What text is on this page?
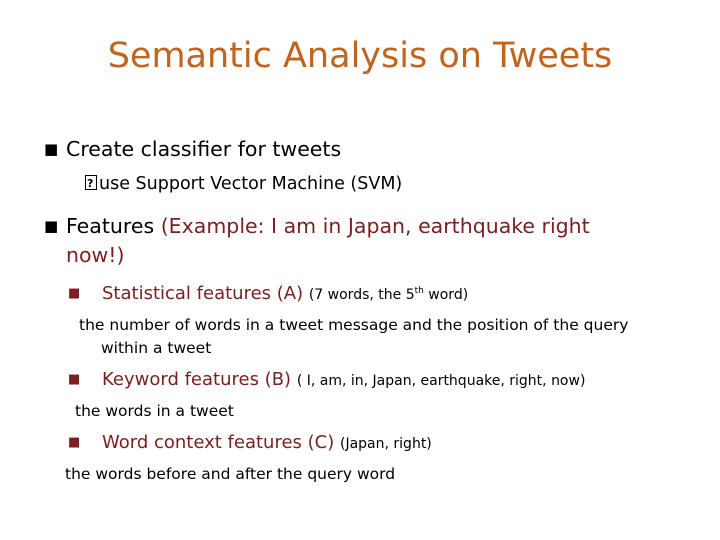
Semantic Analysis on Tweets
■ Create classifier for tweets
?use Support Vector Machine (SVM)
■ Features (Example: I am in Japan, earthquake right
now!)
■ Statistical features (A) (7 words, the 5th word)
the number of words in a tweet message and the position of the query
within a tweet
■ Keyword features (B) ( I, am, in, Japan, earthquake, right, now)
the words in a tweet
■ Word context features (C) (Japan, right)
the words before and after the query word
